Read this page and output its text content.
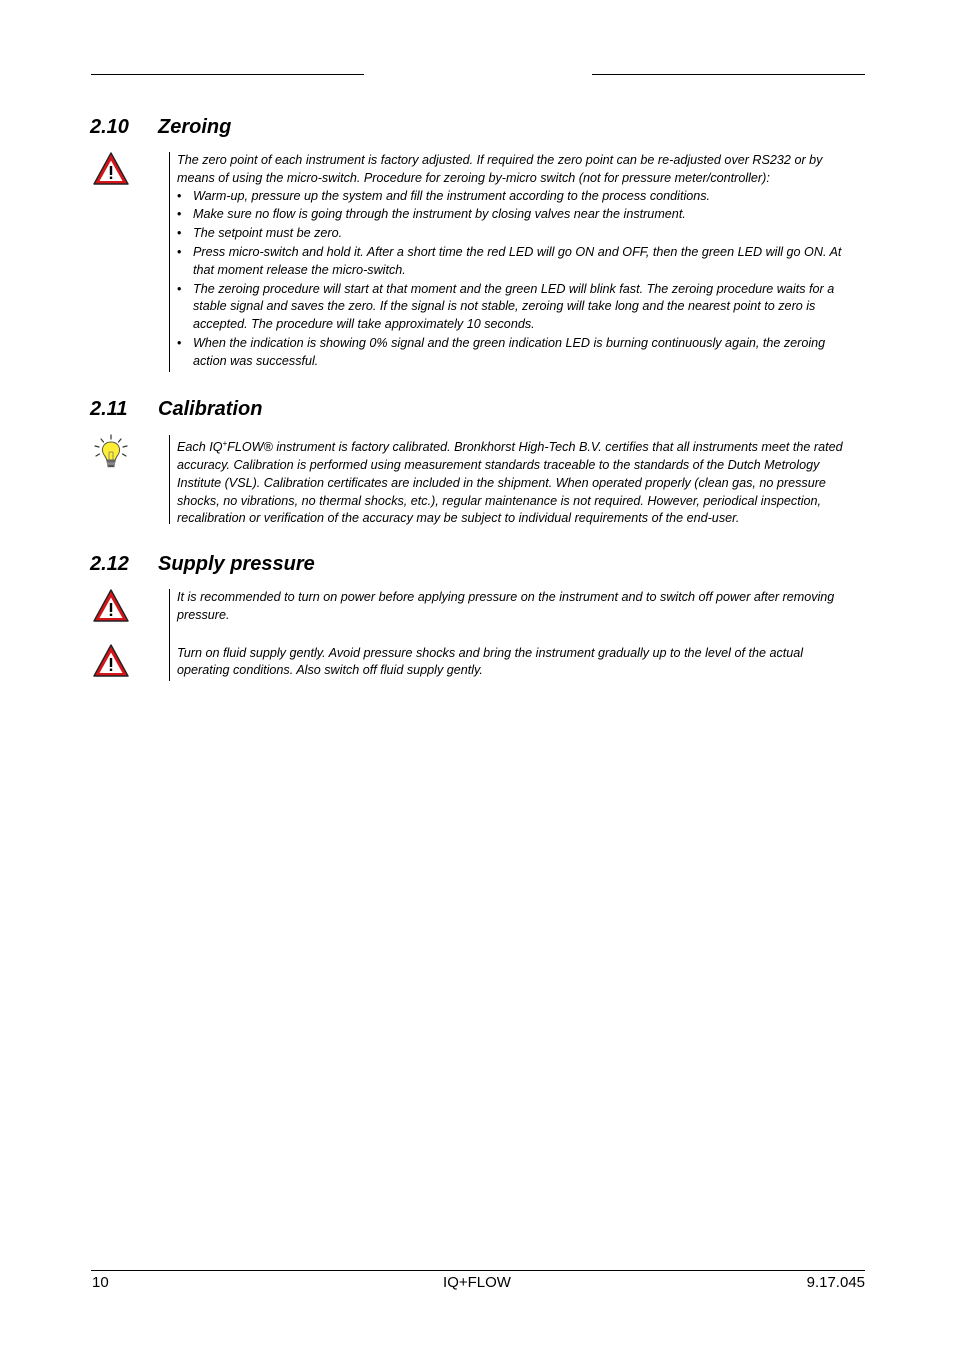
2.10 Zeroing

The zero point of each instrument is factory adjusted. If required the zero point can be re-adjusted over RS232 or by means of using the micro-switch. Procedure for zeroing by-micro switch (not for pressure meter/controller):

• Warm-up, pressure up the system and fill the instrument according to the process conditions.
• Make sure no flow is going through the instrument by closing valves near the instrument.
• The setpoint must be zero.
• Press micro-switch and hold it. After a short time the red LED will go ON and OFF, then the green LED will go ON. At that moment release the micro-switch.
• The zeroing procedure will start at that moment and the green LED will blink fast. The zeroing procedure waits for a stable signal and saves the zero. If the signal is not stable, zeroing will take long and the nearest point to zero is accepted. The procedure will take approximately 10 seconds.
• When the indication is showing 0% signal and the green indication LED is burning continuously again, the zeroing action was successful.
2.11 Calibration

Each IQ+FLOW® instrument is factory calibrated. Bronkhorst High-Tech B.V. certifies that all instruments meet the rated accuracy. Calibration is performed using measurement standards traceable to the standards of the Dutch Metrology Institute (VSL). Calibration certificates are included in the shipment. When operated properly (clean gas, no pressure shocks, no vibrations, no thermal shocks, etc.), regular maintenance is not required. However, periodical inspection, recalibration or verification of the accuracy may be subject to individual requirements of the end-user.

2.12 Supply pressure

It is recommended to turn on power before applying pressure on the instrument and to switch off power after removing pressure.

Turn on fluid supply gently. Avoid pressure shocks and bring the instrument gradually up to the level of the actual operating conditions. Also switch off fluid supply gently.

10	IQ+FLOW	9.17.045
